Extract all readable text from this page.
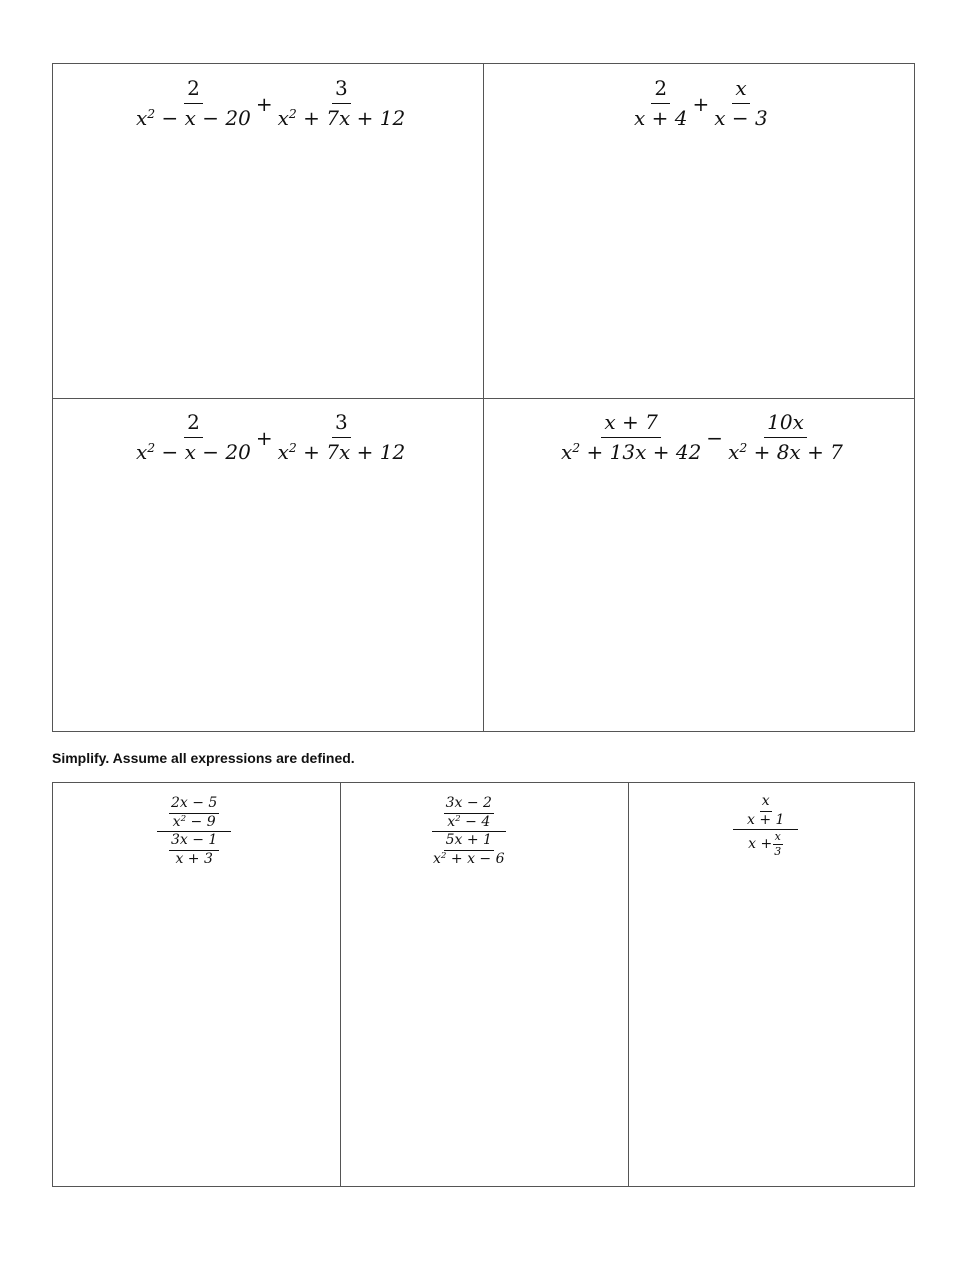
$\frac{2}{x^2 - x - 20} + \frac{3}{x^2 + 7x + 12}$	$\frac{2}{x + 4} + \frac{x}{x - 3}$
$\frac{2}{x^2 - x - 20} + \frac{3}{x^2 + 7x + 12}$	$\frac{x + 7}{x^2 + 13x + 42} - \frac{10x}{x^2 + 8x + 7}$
Simplify. Assume all expressions are defined.
$\frac{\frac{2x - 5}{x^2 - 9}}{\frac{3x - 1}{x + 3}}$	$\frac{\frac{3x - 2}{x^2 - 4}}{\frac{5x + 1}{x^2 + x - 6}}$	$\frac{\frac{x}{x + 1}}{x + \frac{x}{3}}$
